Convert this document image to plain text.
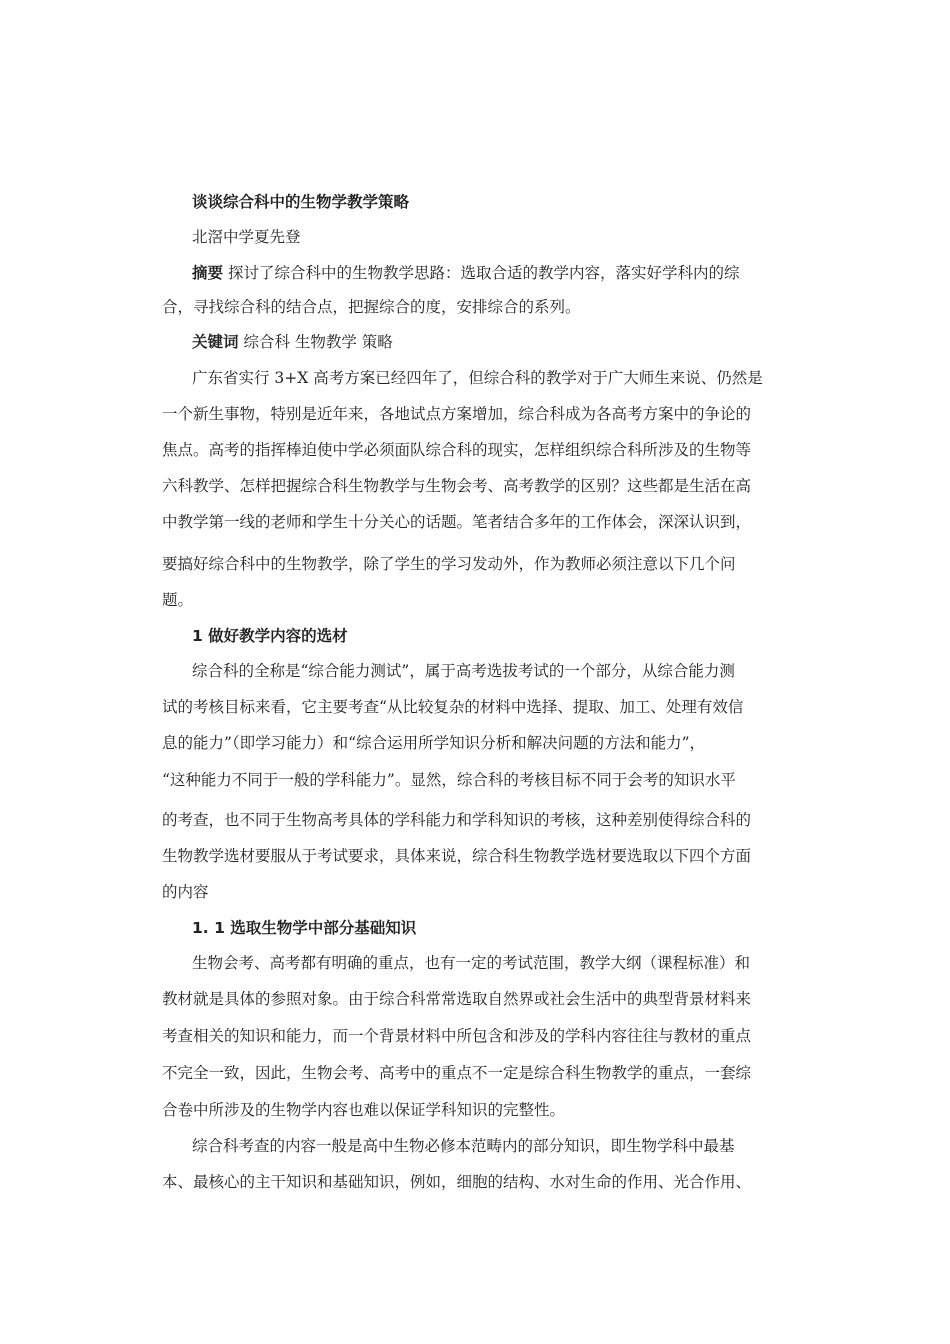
谈谈综合科中的生物学教学策略
北滘中学夏先登
摘要 探讨了综合科中的生物教学思路：选取合适的教学内容，落实好学科内的综
合，寻找综合科的结合点，把握综合的度，安排综合的系列。
关键词 综合科 生物教学 策略
广东省实行 3+X 高考方案已经四年了，但综合科的教学对于广大师生来说、仍然是
一个新生事物，特别是近年来，各地试点方案增加，综合科成为各高考方案中的争论的
焦点。高考的指挥棒迫使中学必须面队综合科的现实，怎样组织综合科所涉及的生物等
六科教学、怎样把握综合科生物教学与生物会考、高考教学的区别？这些都是生活在高
中教学第一线的老师和学生十分关心的话题。笔者结合多年的工作体会，深深认识到，
要搞好综合科中的生物教学，除了学生的学习发动外，作为教师必须注意以下几个问
题。
1 做好教学内容的选材
综合科的全称是“综合能力测试”，属于高考选拔考试的一个部分，从综合能力测
试的考核目标来看，它主要考查“从比较复杂的材料中选择、提取、加工、处理有效信
息的能力”（即学习能力）和“综合运用所学知识分析和解决问题的方法和能力”，
“这种能力不同于一般的学科能力”。显然，综合科的考核目标不同于会考的知识水平
的考查，也不同于生物高考具体的学科能力和学科知识的考核，这种差别使得综合科的
生物教学选材要服从于考试要求，具体来说，综合科生物教学选材要选取以下四个方面
的内容
1. 1 选取生物学中部分基础知识
生物会考、高考都有明确的重点，也有一定的考试范围，教学大纲（课程标准）和
教材就是具体的参照对象。由于综合科常常选取自然界或社会生活中的典型背景材料来
考查相关的知识和能力，而一个背景材料中所包含和涉及的学科内容往往与教材的重点
不完全一致，因此，生物会考、高考中的重点不一定是综合科生物教学的重点，一套综
合卷中所涉及的生物学内容也难以保证学科知识的完整性。
综合科考查的内容一般是高中生物必修本范畴内的部分知识，即生物学科中最基
本、最核心的主干知识和基础知识，例如，细胞的结构、水对生命的作用、光合作用、
